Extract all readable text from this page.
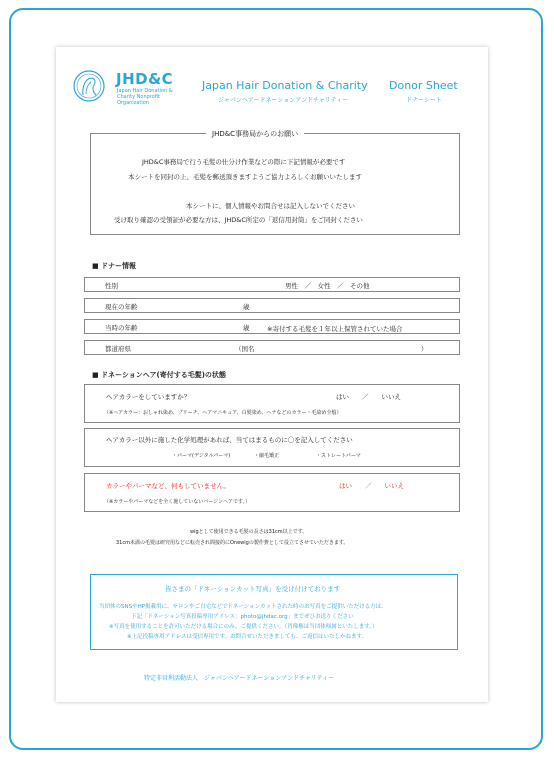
JHD&C
Japan Hair Donation & Charity Nonprofit Organization
Japan Hair Donation & Charity Donor Sheet
ジャパンヘアードネーションアンドチャリティー	ドナーシート
JHD&C事務局からのお願い
JHD&C事務局で行う毛髪の仕分け作業などの際に下記情報が必要です
本シートを同封の上、毛髪を郵送頂きますようご協力よろしくお願いいたします
本シートに、個人情報やお問合せは記入しないでください
受け取り確認の受領証が必要な方は、JHD&C所定の「返信用封筒」をご同封ください
■ ドナー情報
性別	男性　／　女性　／　その他
現在の年齢	歳
当時の年齢	歳	※寄付する毛髪を１年以上保管されていた場合
都道府県	（国名	）
■ ドネーションヘア(寄付する毛髪)の状態
ヘアカラーをしていますか？	はい　　／　　いいえ
（※ヘアカラー：おしゃれ染め、ブリーチ、ヘアマニキュア、白髪染め、ヘナなどのカラー・毛染め全般）
ヘアカラー以外に施した化学処理があれば、当てはまるものに〇を記入してください
・パーマ(デジタルパーマ)	・縮毛矯正	・ストレートパーマ
カラーやパーマなど、何もしていません。	はい　　／　　いいえ
（※カラーやパーマなどを全く施していないバージンヘアです。）
wigとして使用できる毛髪の長さは31cm以上です。
31cm未満の毛髪は研究用などに転売され間接的にOnewigの製作費として役立てさせていただきます。
皆さまの「ドネーションカット写真」を受け付けております
当団体のSNSやHP掲載用に、サロンやご自宅などでドネーションカットされた時のお写真をご提供いただける方は、
下記「ドネーション写真投稿専用アドレス：photo@jhdac.org」までぜひお送りください
※写真を使用することを許可いただける場合にのみ、ご提供ください。（肖像権は当団体帰属といたします。）
※上記投稿専用アドレスは受信専用です。お問合せいただきましても、ご返信はいたしかねます。
特定非営利活動法人　ジャパンヘアードネーションアンドチャリティー
